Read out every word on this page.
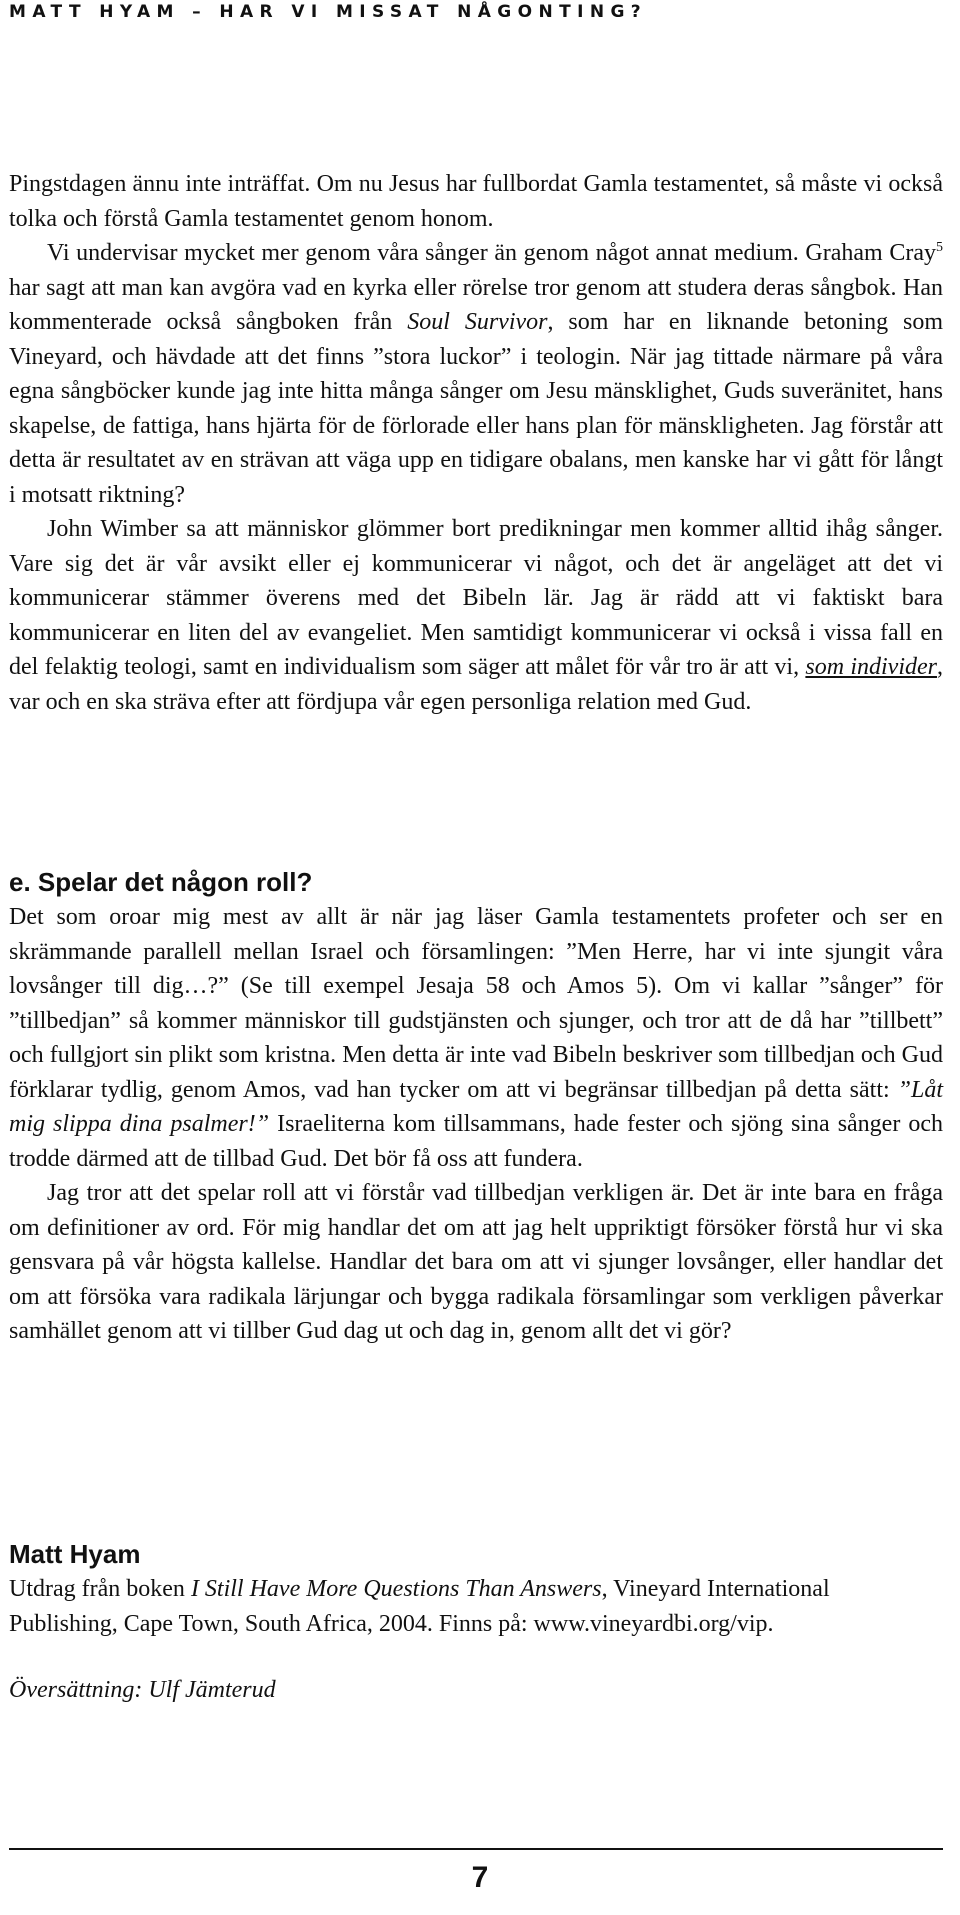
MATT HYAM – HAR VI MISSAT NÅGONTING?

Pingstdagen ännu inte inträffat. Om nu Jesus har fullbordat Gamla testamentet, så måste vi också tolka och förstå Gamla testamentet genom honom.

Vi undervisar mycket mer genom våra sånger än genom något annat medium. Graham Cray$^5$ har sagt att man kan avgöra vad en kyrka eller rörelse tror genom att studera deras sångbok. Han kommenterade också sångboken från Soul Survivor, som har en liknande betoning som Vineyard, och hävdade att det finns ”stora luckor” i teologin. När jag tittade närmare på våra egna sångböcker kunde jag inte hitta många sånger om Jesu mänsklighet, Guds suveränitet, hans skapelse, de fattiga, hans hjärta för de förlorade eller hans plan för mänskligheten. Jag förstår att detta är resultatet av en strävan att väga upp en tidigare obalans, men kanske har vi gått för långt i motsatt riktning?

John Wimber sa att människor glömmer bort predikningar men kommer alltid ihåg sånger. Vare sig det är vår avsikt eller ej kommunicerar vi något, och det är angeläget att det vi kommunicerar stämmer överens med det Bibeln lär. Jag är rädd att vi faktiskt bara kommunicerar en liten del av evangeliet. Men samtidigt kommunicerar vi också i vissa fall en del felaktig teologi, samt en individualism som säger att målet för vår tro är att vi, som individer, var och en ska sträva efter att fördjupa vår egen personliga relation med Gud.

e. Spelar det någon roll?

Det som oroar mig mest av allt är när jag läser Gamla testamentets profeter och ser en skrämmande parallell mellan Israel och församlingen: ”Men Herre, har vi inte sjungit våra lovsånger till dig…?” (Se till exempel Jesaja 58 och Amos 5). Om vi kallar ”sånger” för ”tillbedjan” så kommer människor till gudstjänsten och sjunger, och tror att de då har ”tillbett” och fullgjort sin plikt som kristna. Men detta är inte vad Bibeln beskriver som tillbedjan och Gud förklarar tydlig, genom Amos, vad han tycker om att vi begränsar tillbedjan på detta sätt: ”Låt mig slippa dina psalmer!” Israeliterna kom tillsammans, hade fester och sjöng sina sånger och trodde därmed att de tillbad Gud. Det bör få oss att fundera.

Jag tror att det spelar roll att vi förstår vad tillbedjan verkligen är. Det är inte bara en fråga om definitioner av ord. För mig handlar det om att jag helt uppriktigt försöker förstå hur vi ska gensvara på vår högsta kallelse. Handlar det bara om att vi sjunger lovsånger, eller handlar det om att försöka vara radikala lärjungar och bygga radikala församlingar som verkligen påverkar samhället genom att vi tillber Gud dag ut och dag in, genom allt det vi gör?

Matt Hyam

Utdrag från boken I Still Have More Questions Than Answers, Vineyard International Publishing, Cape Town, South Africa, 2004. Finns på: www.vineyardbi.org/vip.

Översättning: Ulf Jämterud
7
